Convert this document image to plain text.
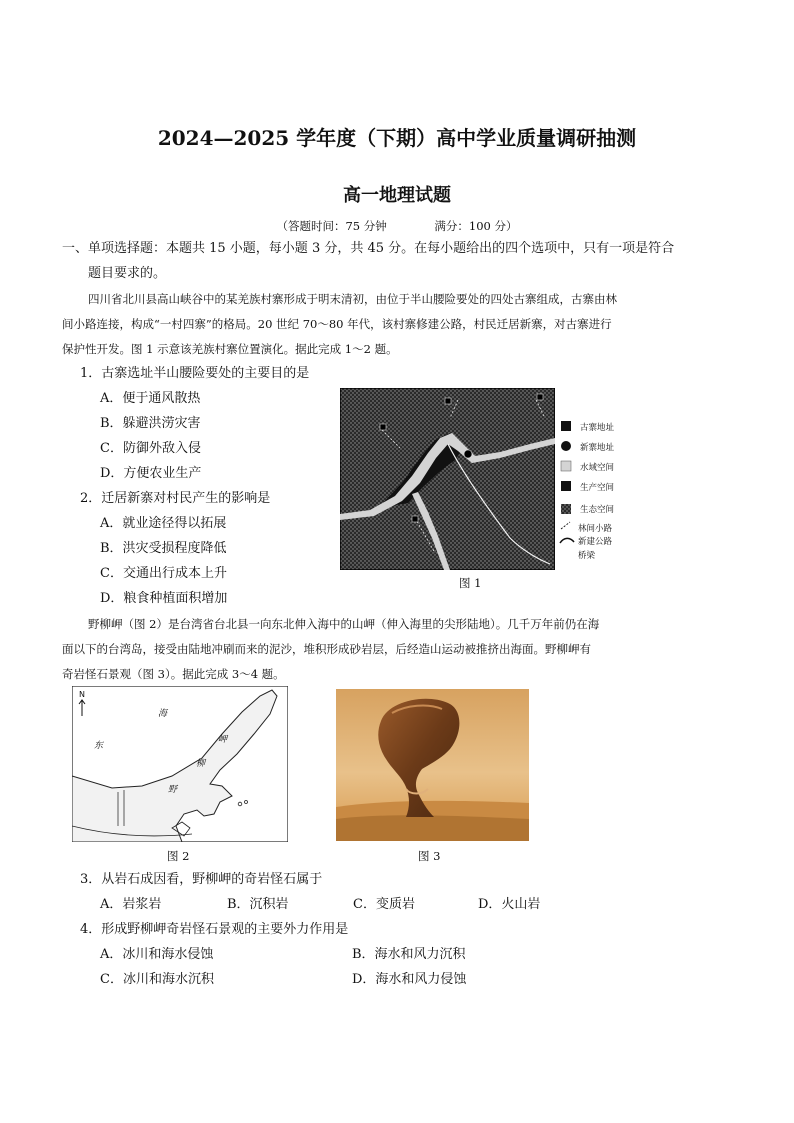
2024—2025 学年度（下期）高中学业质量调研抽测
高一地理试题
（答题时间：75 分钟	满分：100 分）
一、单项选择题：本题共 15 小题，每小题 3 分，共 45 分。在每小题给出的四个选项中，只有一项是符合
题目要求的。
四川省北川县高山峡谷中的某羌族村寨形成于明末清初，由位于半山腰险要处的四处古寨组成，古寨由林
间小路连接，构成“一村四寨”的格局。20 世纪 70～80 年代，该村寨修建公路，村民迁居新寨，对古寨进行
保护性开发。图 1 示意该羌族村寨位置演化。据此完成 1～2 题。
1．古寨选址半山腰险要处的主要目的是
A．便于通风散热
B．躲避洪涝灾害
C．防御外敌入侵
D．方便农业生产
2．迁居新寨对村民产生的影响是
A．就业途径得以拓展
B．洪灾受损程度降低
C．交通出行成本上升
D．粮食种植面积增加
古寨地址
新寨地址
水域空间
生产空间
生态空间
林间小路
新建公路
桥梁
图 1
野柳岬（图 2）是台湾省台北县一向东北伸入海中的山岬（伸入海里的尖形陆地）。几千万年前仍在海
面以下的台湾岛，接受由陆地冲刷而来的泥沙，堆积形成砂岩层，后经造山运动被推挤出海面。野柳岬有
奇岩怪石景观（图 3）。据此完成 3～4 题。
N
海
东
岬
柳
野
图 2	图 3
3．从岩石成因看，野柳岬的奇岩怪石属于
A．岩浆岩	B．沉积岩	C．变质岩	D．火山岩
4．形成野柳岬奇岩怪石景观的主要外力作用是
A．冰川和海水侵蚀	B．海水和风力沉积
C．冰川和海水沉积	D．海水和风力侵蚀
